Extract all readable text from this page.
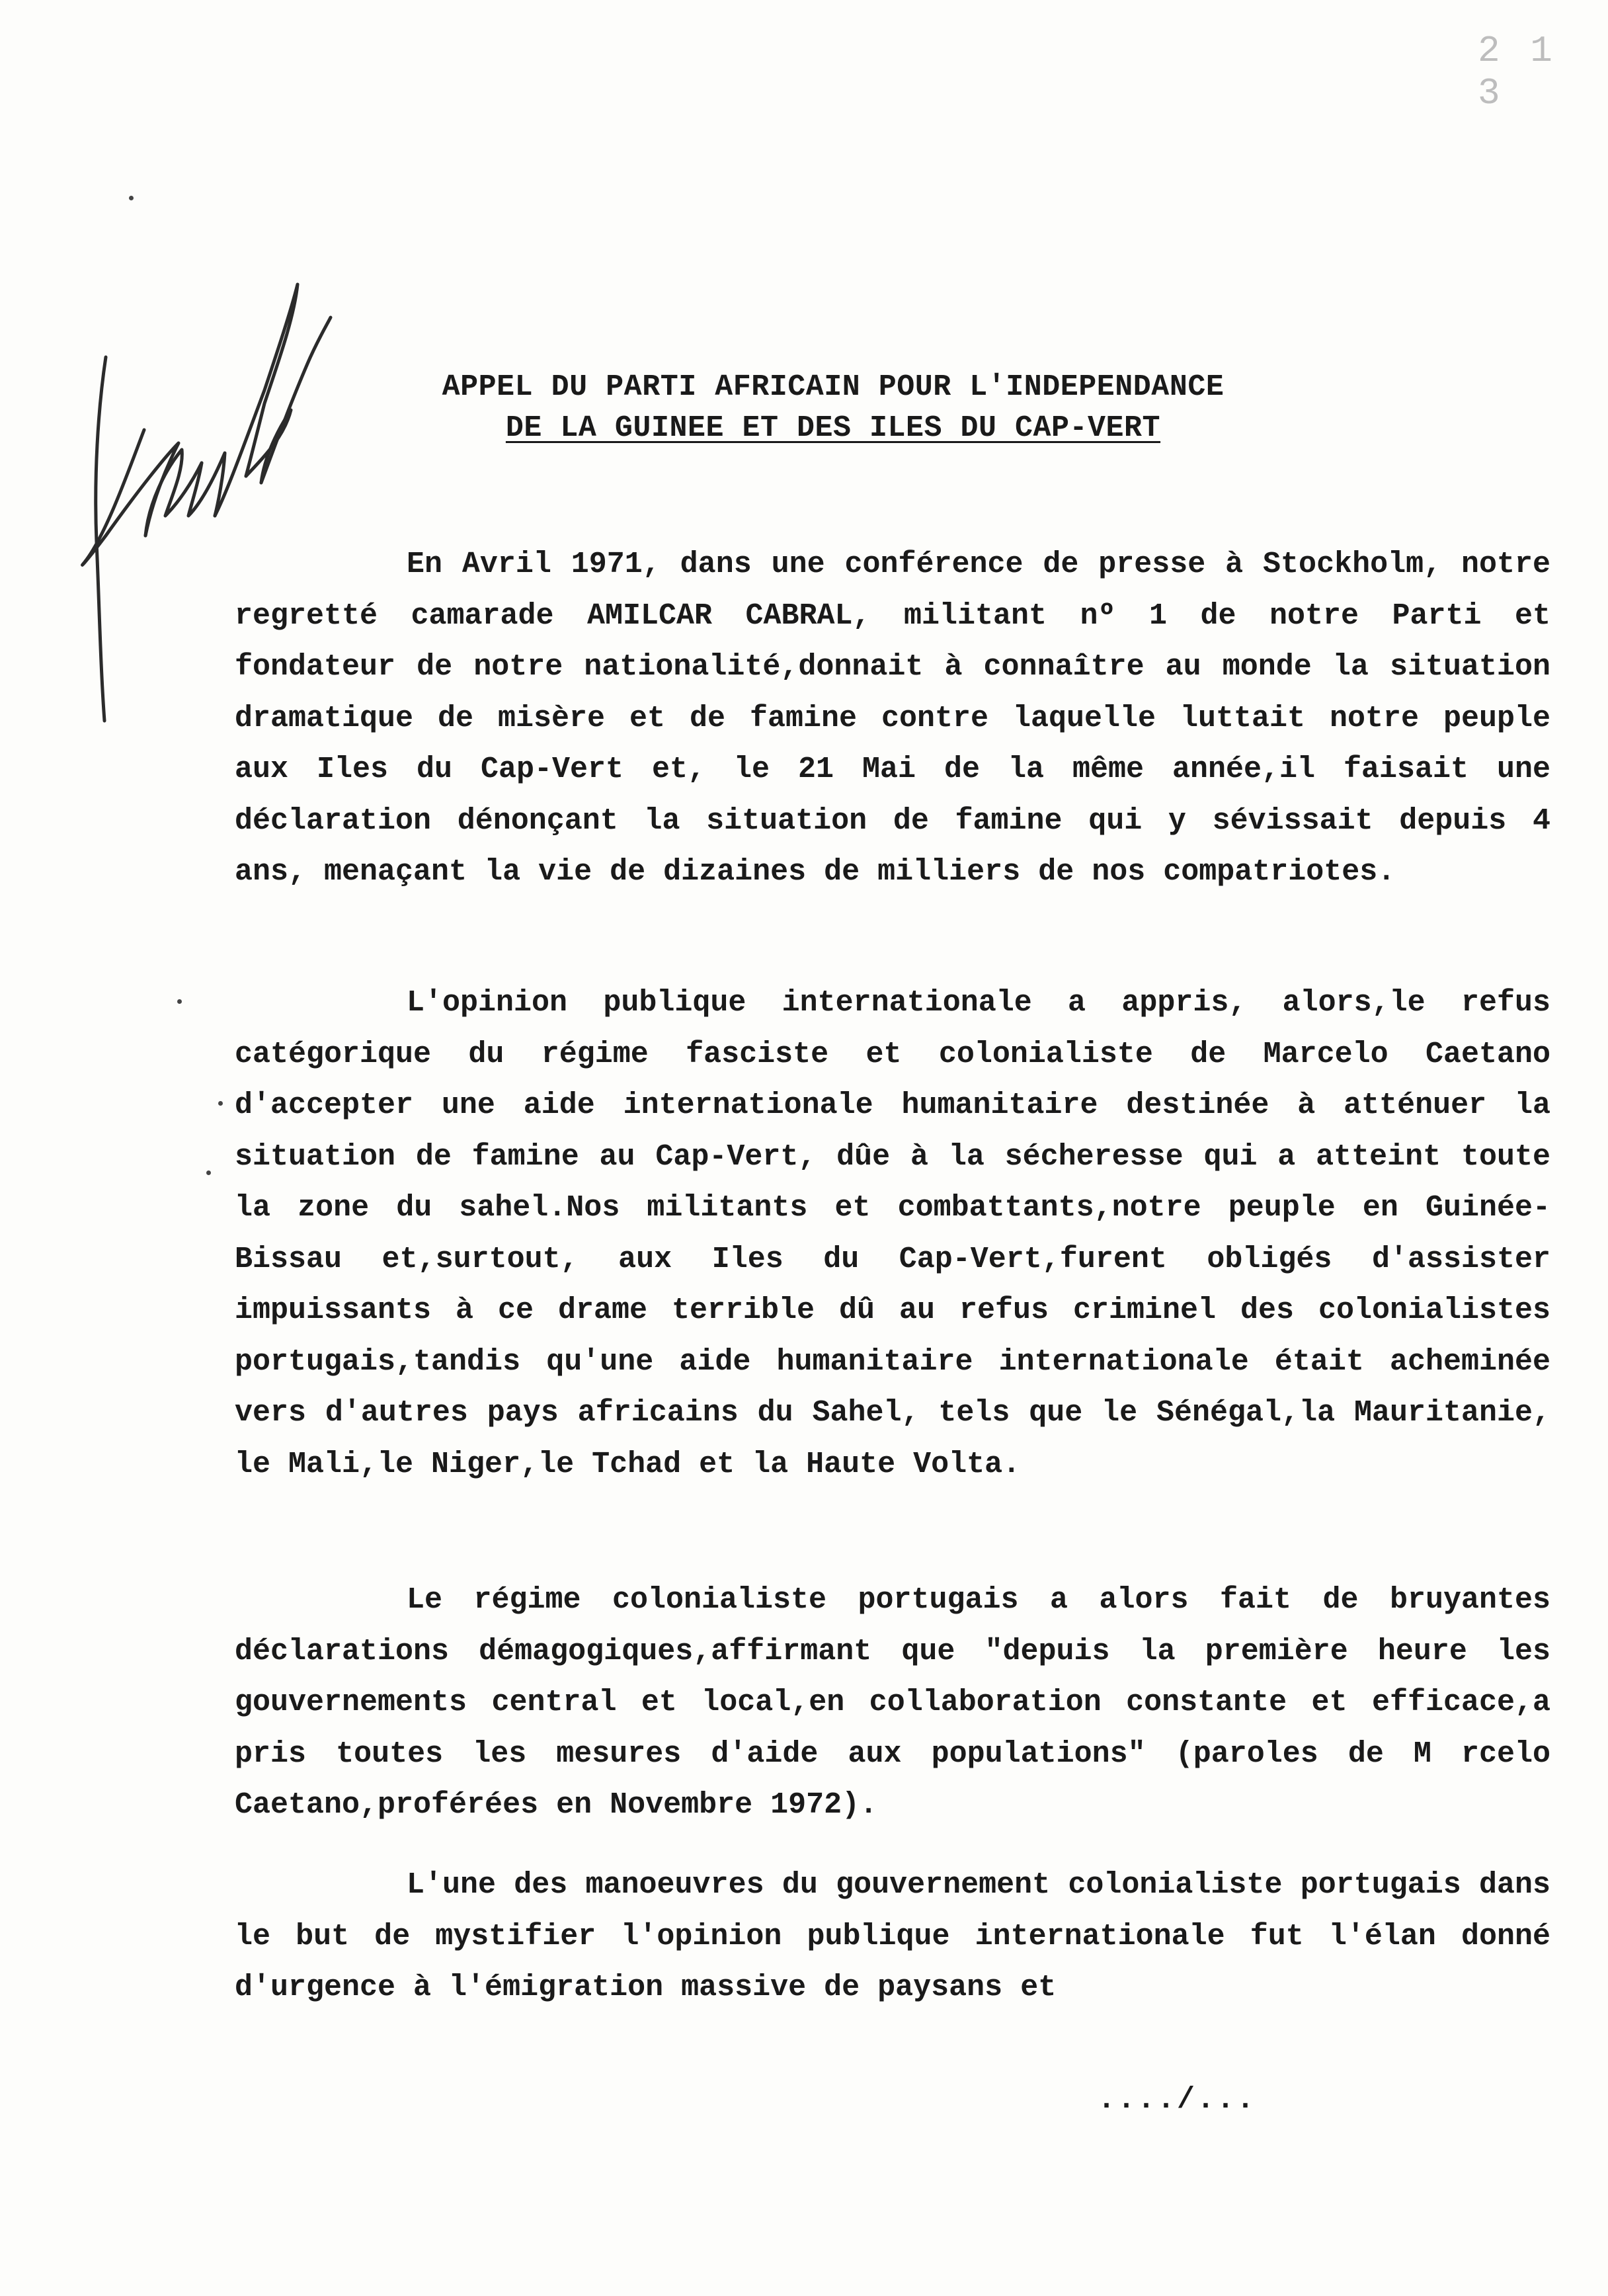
2 1 3
APPEL DU PARTI AFRICAIN POUR L'INDEPENDANCE
DE LA GUINEE ET DES ILES DU CAP-VERT

En Avril 1971, dans une conférence de presse à Stockholm, notre regretté camarade AMILCAR CABRAL, militant nº 1 de notre Parti et fondateur de notre nationalité,donnait à connaître au monde la situation dramatique de misère et de famine contre laquelle luttait notre peuple aux Iles du Cap-Vert et, le 21 Mai de la même année,il faisait une déclaration dénonçant la situation de famine qui y sévissait depuis 4 ans, menaçant la vie de dizaines de milliers de nos compatriotes.

L'opinion publique internationale a appris, alors,le refus catégorique du régime fasciste et colonialiste de Marcelo Caetano d'accepter une aide internationale humanitaire destinée à atténuer la situation de famine au Cap-Vert, dûe à la sécheresse qui a atteint toute la zone du sahel.Nos militants et combattants,notre peuple en Guinée-Bissau et,surtout, aux Iles du Cap-Vert,furent obligés d'assister impuissants à ce drame terrible dû au refus criminel des colonialistes portugais,tandis qu'une aide humanitaire internationale était acheminée vers d'autres pays africains du Sahel, tels que le Sénégal,la Mauritanie, le Mali,le Niger,le Tchad et la Haute Volta.

Le régime colonialiste portugais a alors fait de bruyantes déclarations démagogiques,affirmant que "depuis la première heure les gouvernements central et local,en collaboration constante et efficace,a pris toutes les mesures d'aide aux populations" (paroles de M rcelo Caetano,proférées en Novembre 1972).

L'une des manoeuvres du gouvernement colonialiste portugais dans le but de mystifier l'opinion publique internationale fut l'élan donné d'urgence à l'émigration massive de paysans et

..../...
